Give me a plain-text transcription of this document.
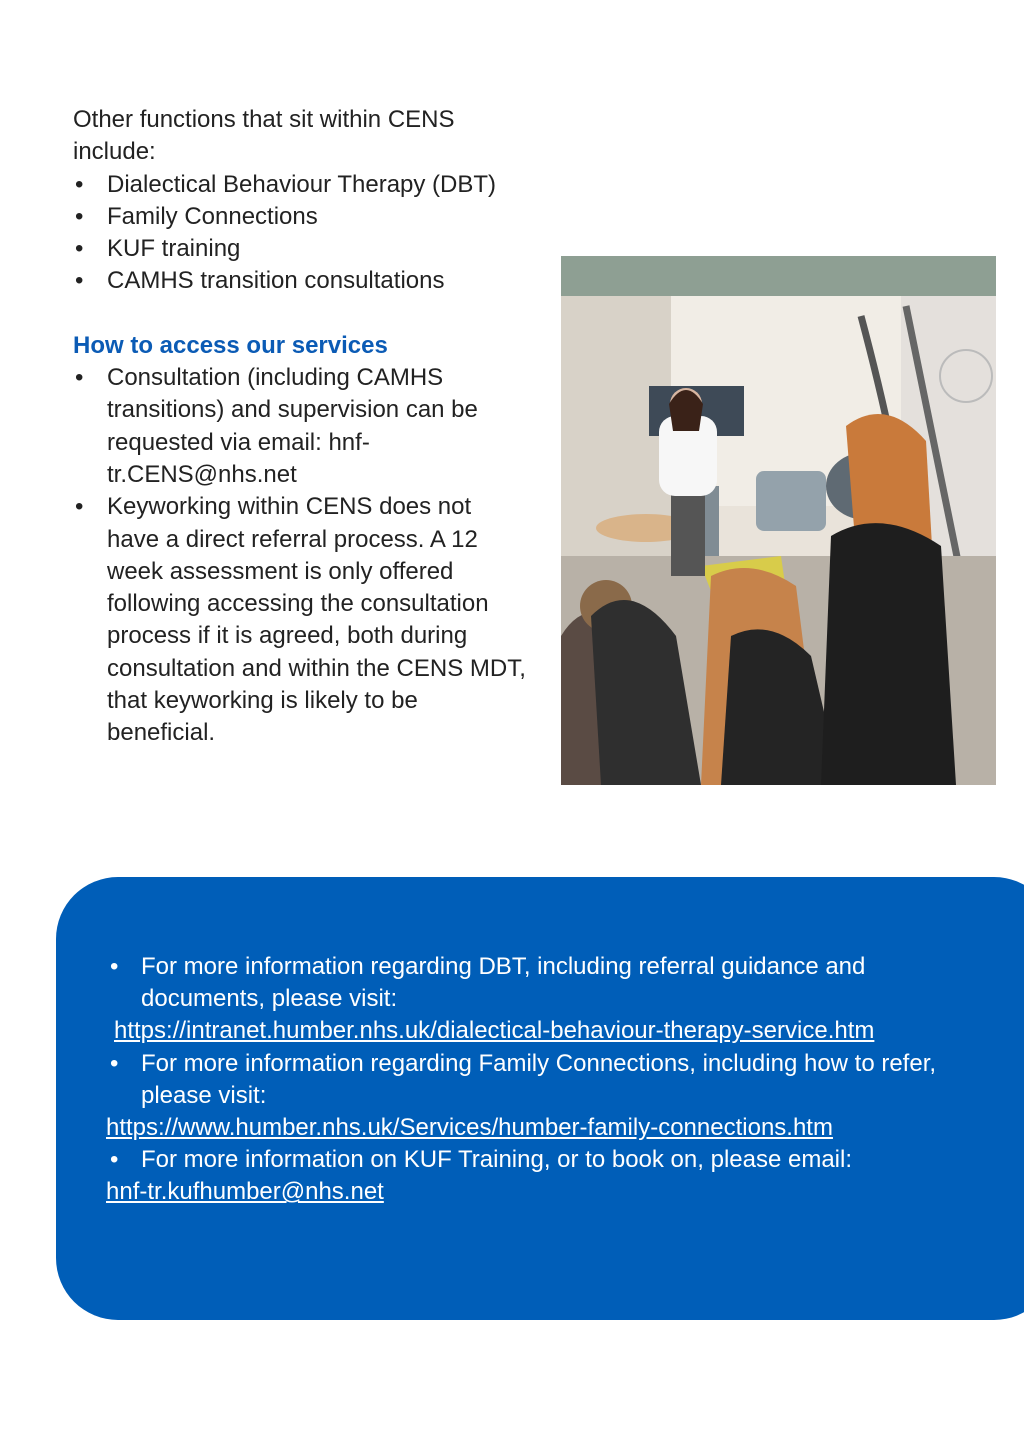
Other functions that sit within CENS include:

• Dialectical Behaviour Therapy (DBT)
• Family Connections
• KUF training
• CAMHS transition consultations

How to access our services

• Consultation (including CAMHS transitions) and supervision can be requested via email: hnf-tr.CENS@nhs.net
• Keyworking within CENS does not have a direct referral process. A 12 week assessment is only offered following accessing the consultation process if it is agreed, both during consultation and within the CENS MDT, that keyworking is likely to be beneficial.
• For more information regarding DBT, including referral guidance and documents, please visit:
https://intranet.humber.nhs.uk/dialectical-behaviour-therapy-service.htm
• For more information regarding Family Connections, including how to refer, please visit:
https://www.humber.nhs.uk/Services/humber-family-connections.htm
• For more information on KUF Training, or to book on, please email:
hnf-tr.kufhumber@nhs.net
